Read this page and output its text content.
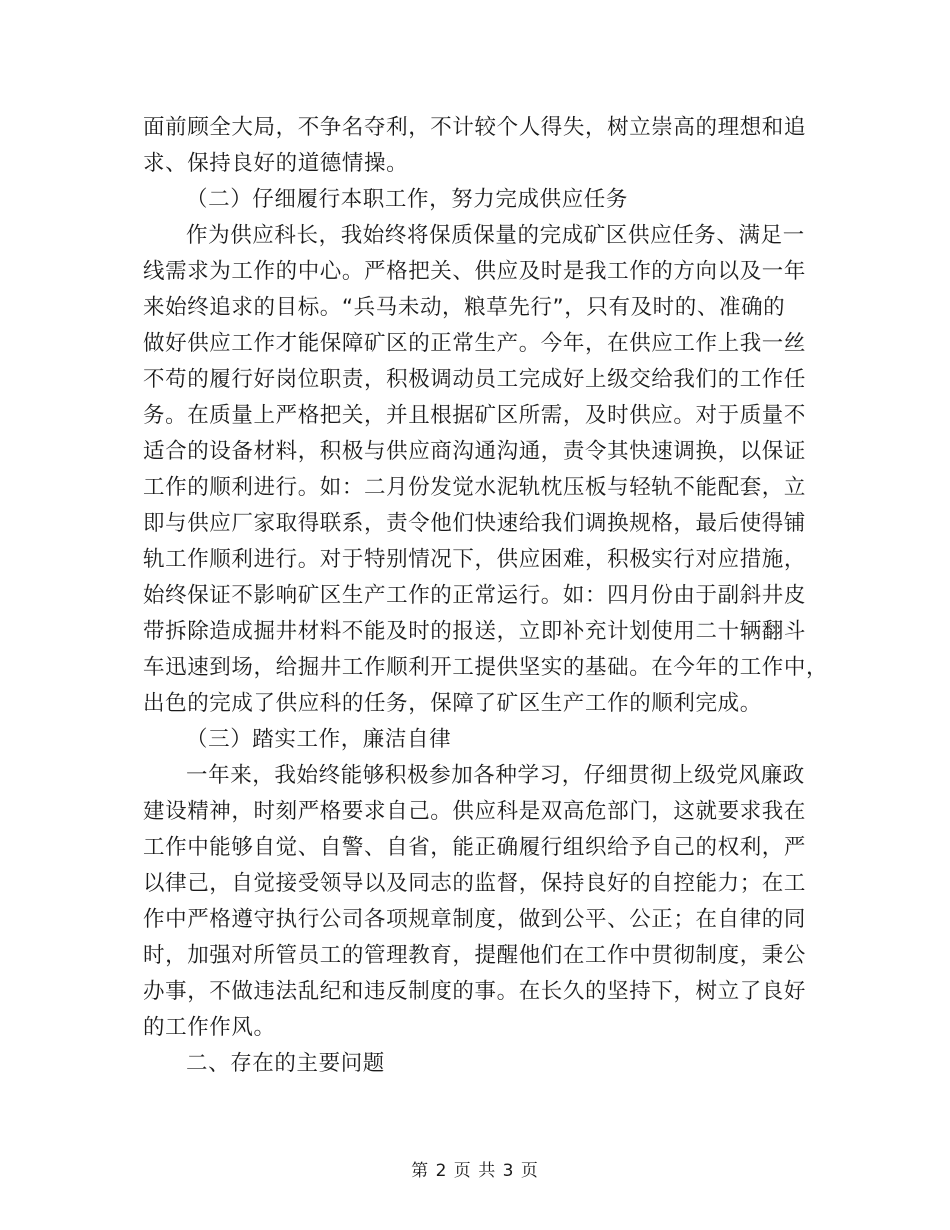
面前顾全大局，不争名夺利，不计较个人得失，树立崇高的理想和追
求、保持良好的道德情操。
（二）仔细履行本职工作，努力完成供应任务
作为供应科长，我始终将保质保量的完成矿区供应任务、满足一
线需求为工作的中心。严格把关、供应及时是我工作的方向以及一年
来始终追求的目标。“兵马未动，粮草先行”，只有及时的、准确的
做好供应工作才能保障矿区的正常生产。今年，在供应工作上我一丝
不苟的履行好岗位职责，积极调动员工完成好上级交给我们的工作任
务。在质量上严格把关，并且根据矿区所需，及时供应。对于质量不
适合的设备材料，积极与供应商沟通沟通，责令其快速调换，以保证
工作的顺利进行。如：二月份发觉水泥轨枕压板与轻轨不能配套，立
即与供应厂家取得联系，责令他们快速给我们调换规格，最后使得铺
轨工作顺利进行。对于特别情况下，供应困难，积极实行对应措施，
始终保证不影响矿区生产工作的正常运行。如：四月份由于副斜井皮
带拆除造成掘井材料不能及时的报送，立即补充计划使用二十辆翻斗
车迅速到场，给掘井工作顺利开工提供坚实的基础。在今年的工作中，
出色的完成了供应科的任务，保障了矿区生产工作的顺利完成。
（三）踏实工作，廉洁自律
一年来，我始终能够积极参加各种学习，仔细贯彻上级党风廉政
建设精神，时刻严格要求自己。供应科是双高危部门，这就要求我在
工作中能够自觉、自警、自省，能正确履行组织给予自己的权利，严
以律己，自觉接受领导以及同志的监督，保持良好的自控能力；在工
作中严格遵守执行公司各项规章制度，做到公平、公正；在自律的同
时，加强对所管员工的管理教育，提醒他们在工作中贯彻制度，秉公
办事，不做违法乱纪和违反制度的事。在长久的坚持下，树立了良好
的工作作风。
二、存在的主要问题
第 2 页 共 3 页
